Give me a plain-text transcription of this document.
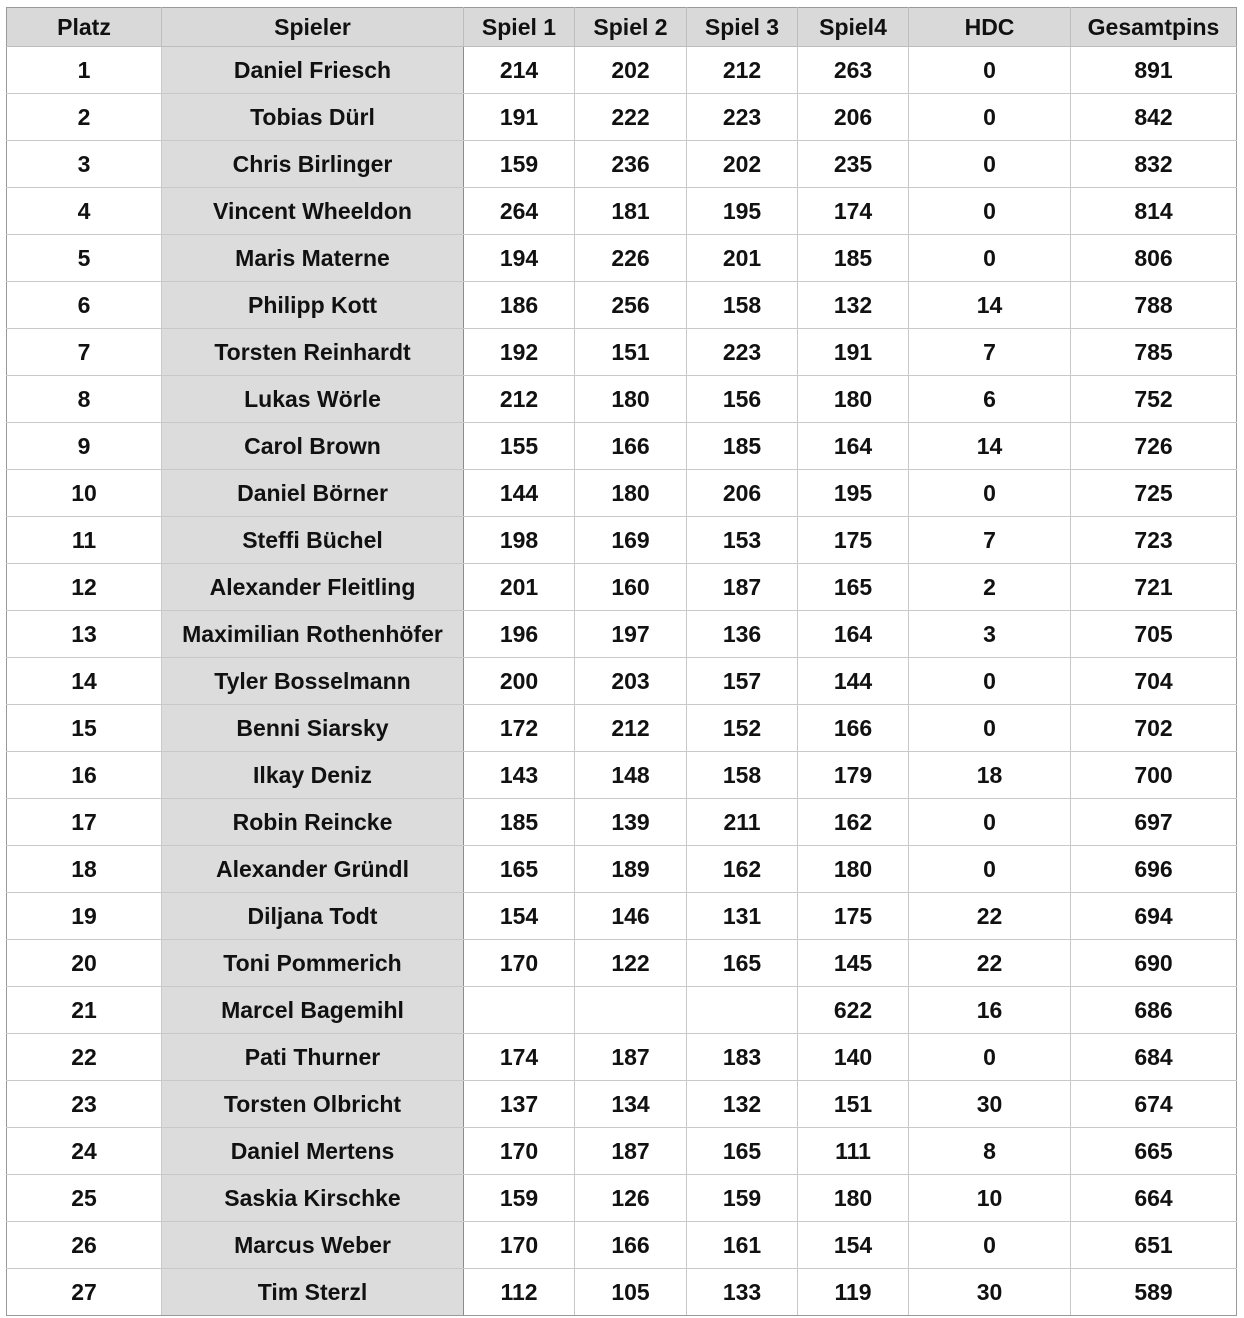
Platz	Spieler	Spiel 1	Spiel 2	Spiel 3	Spiel4	HDC	Gesamtpins
1	Daniel Friesch	214	202	212	263	0	891
2	Tobias Dürl	191	222	223	206	0	842
3	Chris Birlinger	159	236	202	235	0	832
4	Vincent Wheeldon	264	181	195	174	0	814
5	Maris Materne	194	226	201	185	0	806
6	Philipp Kott	186	256	158	132	14	788
7	Torsten Reinhardt	192	151	223	191	7	785
8	Lukas Wörle	212	180	156	180	6	752
9	Carol Brown	155	166	185	164	14	726
10	Daniel Börner	144	180	206	195	0	725
11	Steffi Büchel	198	169	153	175	7	723
12	Alexander Fleitling	201	160	187	165	2	721
13	Maximilian Rothenhöfer	196	197	136	164	3	705
14	Tyler Bosselmann	200	203	157	144	0	704
15	Benni Siarsky	172	212	152	166	0	702
16	Ilkay Deniz	143	148	158	179	18	700
17	Robin Reincke	185	139	211	162	0	697
18	Alexander Gründl	165	189	162	180	0	696
19	Diljana Todt	154	146	131	175	22	694
20	Toni Pommerich	170	122	165	145	22	690
21	Marcel Bagemihl				622	16	686
22	Pati Thurner	174	187	183	140	0	684
23	Torsten Olbricht	137	134	132	151	30	674
24	Daniel Mertens	170	187	165	111	8	665
25	Saskia Kirschke	159	126	159	180	10	664
26	Marcus Weber	170	166	161	154	0	651
27	Tim Sterzl	112	105	133	119	30	589
